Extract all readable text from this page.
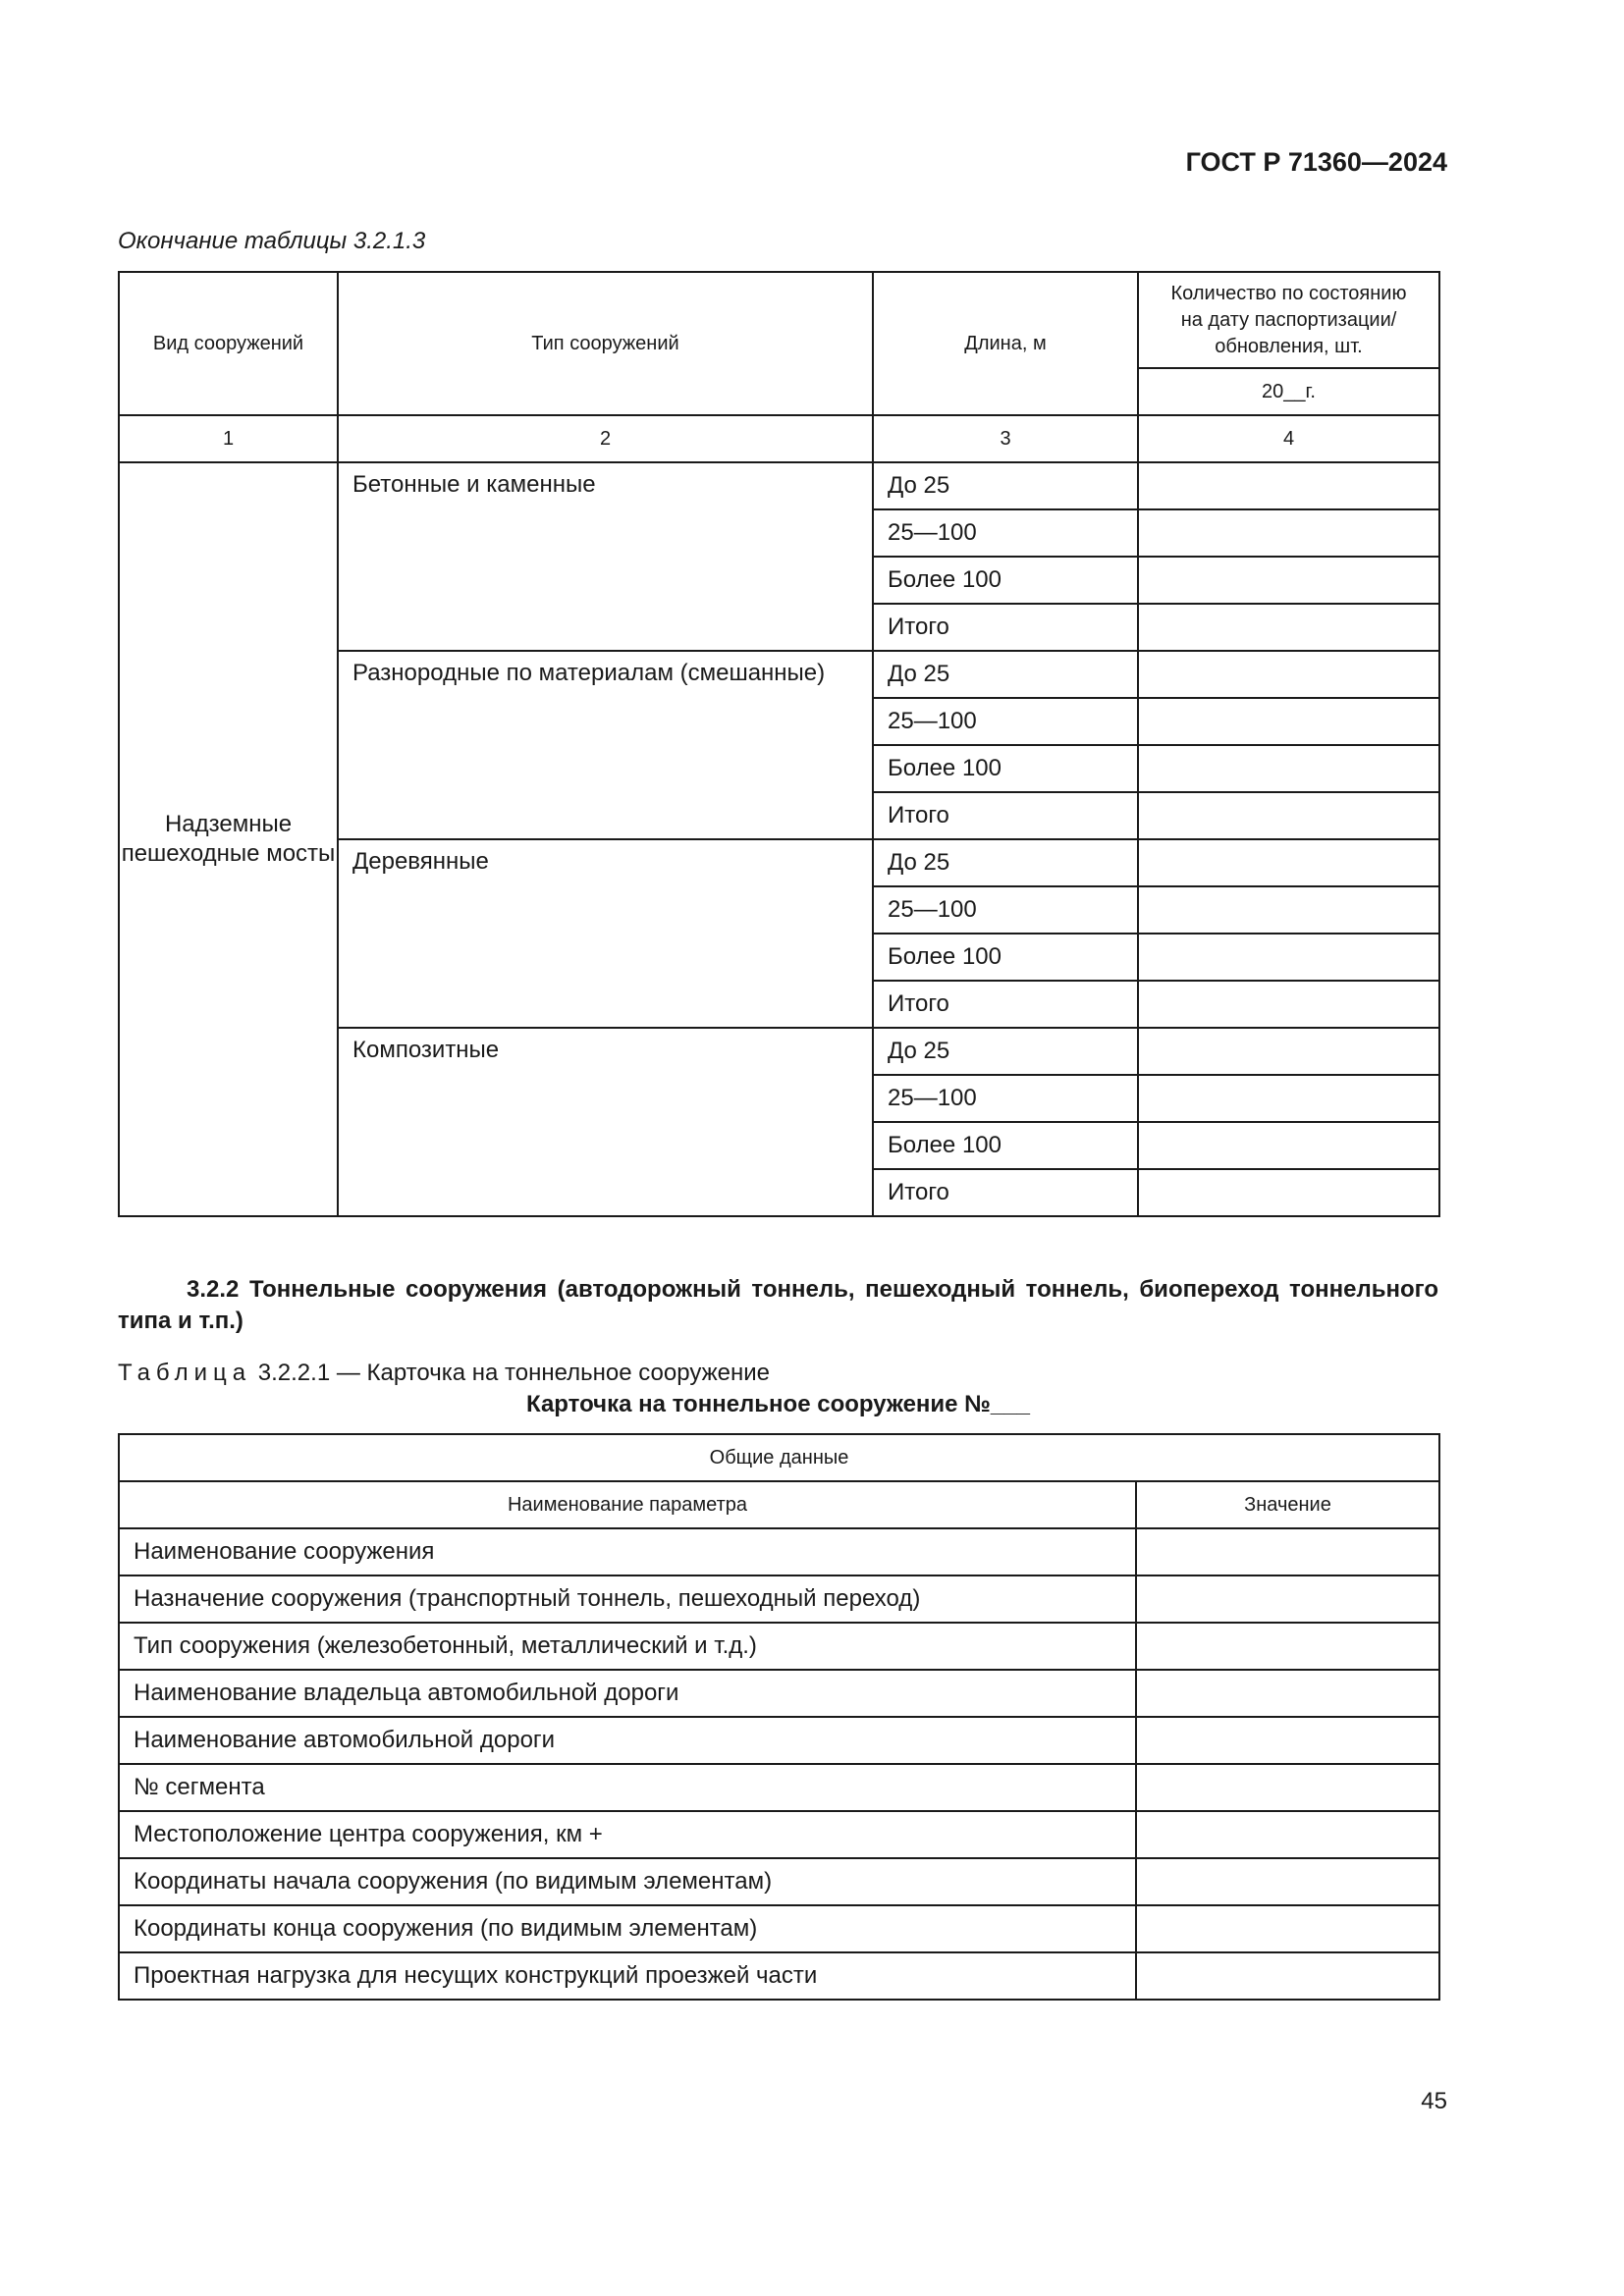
ГОСТ Р 71360—2024
Окончание таблицы 3.2.1.3
Вид сооружений	Тип сооружений	Длина, м	Количество по состоянию на дату паспортизации/ обновления, шт.
			20__г.
1	2	3	4
Надземные пешеходные мосты	Бетонные и каменные	До 25	
		25—100	
		Более 100	
		Итого	
	Разнородные по материалам (смешанные)	До 25	
		25—100	
		Более 100	
		Итого	
	Деревянные	До 25	
		25—100	
		Более 100	
		Итого	
	Композитные	До 25	
		25—100	
		Более 100	
		Итого	

3.2.2 Тоннельные сооружения (автодорожный тоннель, пешеходный тоннель, биопереход тоннельного типа и т.п.)

Таблица 3.2.2.1 — Карточка на тоннельное сооружение
Карточка на тоннельное сооружение №___
Общие данные	
Наименование параметра	Значение
Наименование сооружения	
Назначение сооружения (транспортный тоннель, пешеходный переход)	
Тип сооружения (железобетонный, металлический и т.д.)	
Наименование владельца автомобильной дороги	
Наименование автомобильной дороги	
№ сегмента	
Местоположение центра сооружения, км +	
Координаты начала сооружения (по видимым элементам)	
Координаты конца сооружения (по видимым элементам)	
Проектная нагрузка для несущих конструкций проезжей части	
45
